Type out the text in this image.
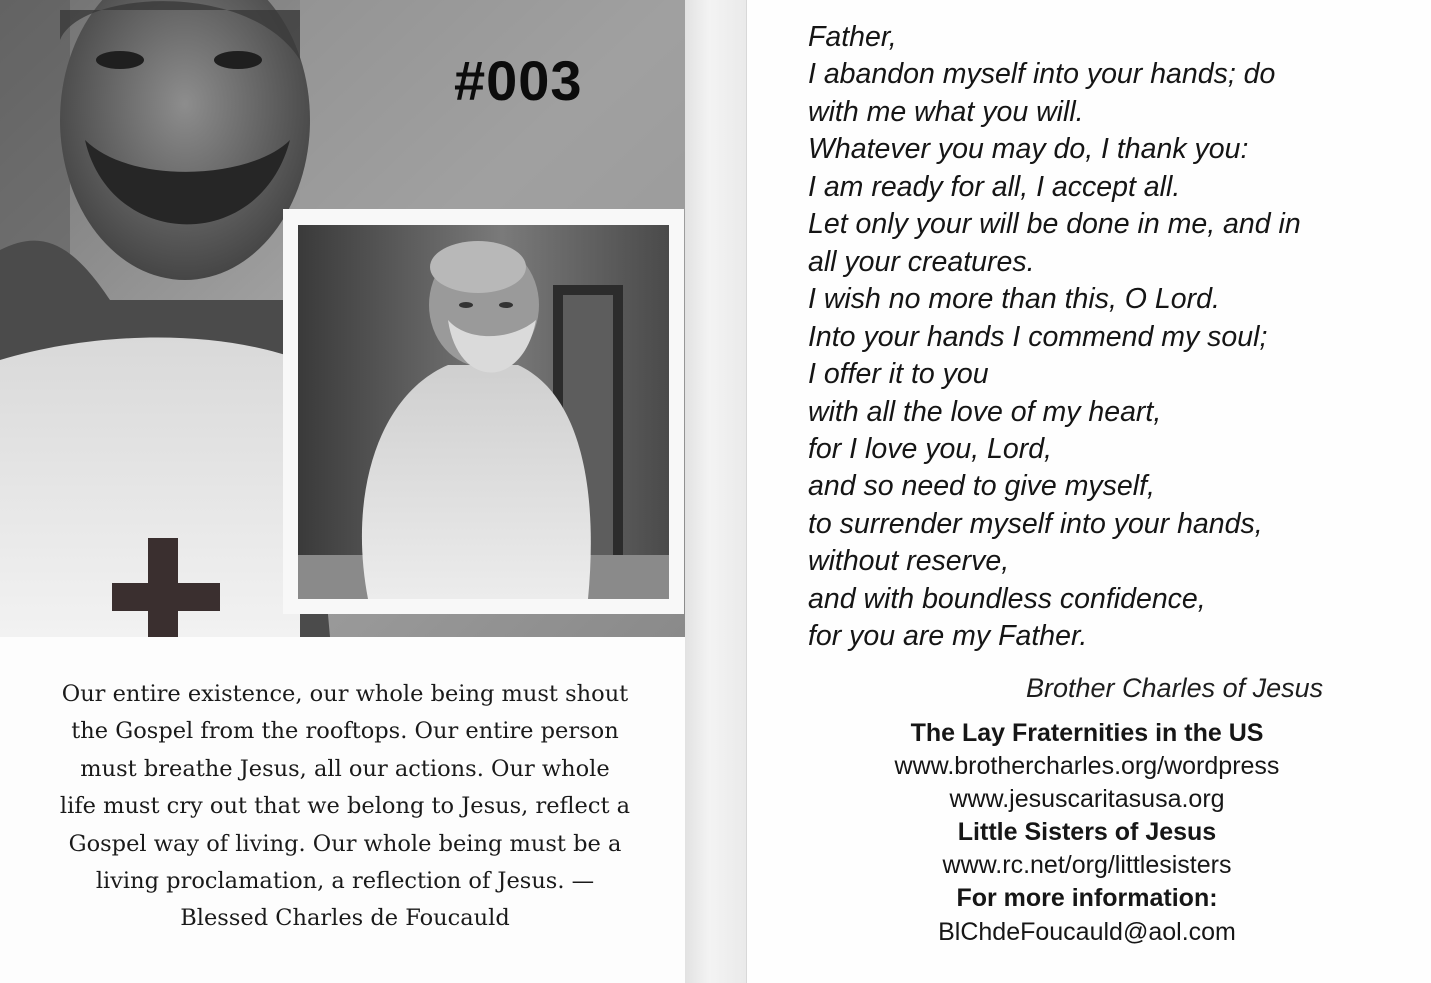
#003

Our entire existence, our whole being must shout
the Gospel from the rooftops. Our entire person
must breathe Jesus, all our actions. Our whole
life must cry out that we belong to Jesus, reflect a
Gospel way of living. Our whole being must be a
living proclamation, a reflection of Jesus. —
Blessed Charles de Foucauld

Father,
I abandon myself into your hands; do
with me what you will.
Whatever you may do, I thank you:
I am ready for all, I accept all.
Let only your will be done in me, and in
all your creatures.
I wish no more than this, O Lord.
Into your hands I commend my soul;
I offer it to you
with all the love of my heart,
for I love you, Lord,
and so need to give myself,
to surrender myself into your hands,
without reserve,
and with boundless confidence,
for you are my Father.

Brother Charles of Jesus

The Lay Fraternities in the US
www.brothercharles.org/wordpress
www.jesuscaritasusa.org
Little Sisters of Jesus
www.rc.net/org/littlesisters
For more information:
BlChdeFoucauld@aol.com
